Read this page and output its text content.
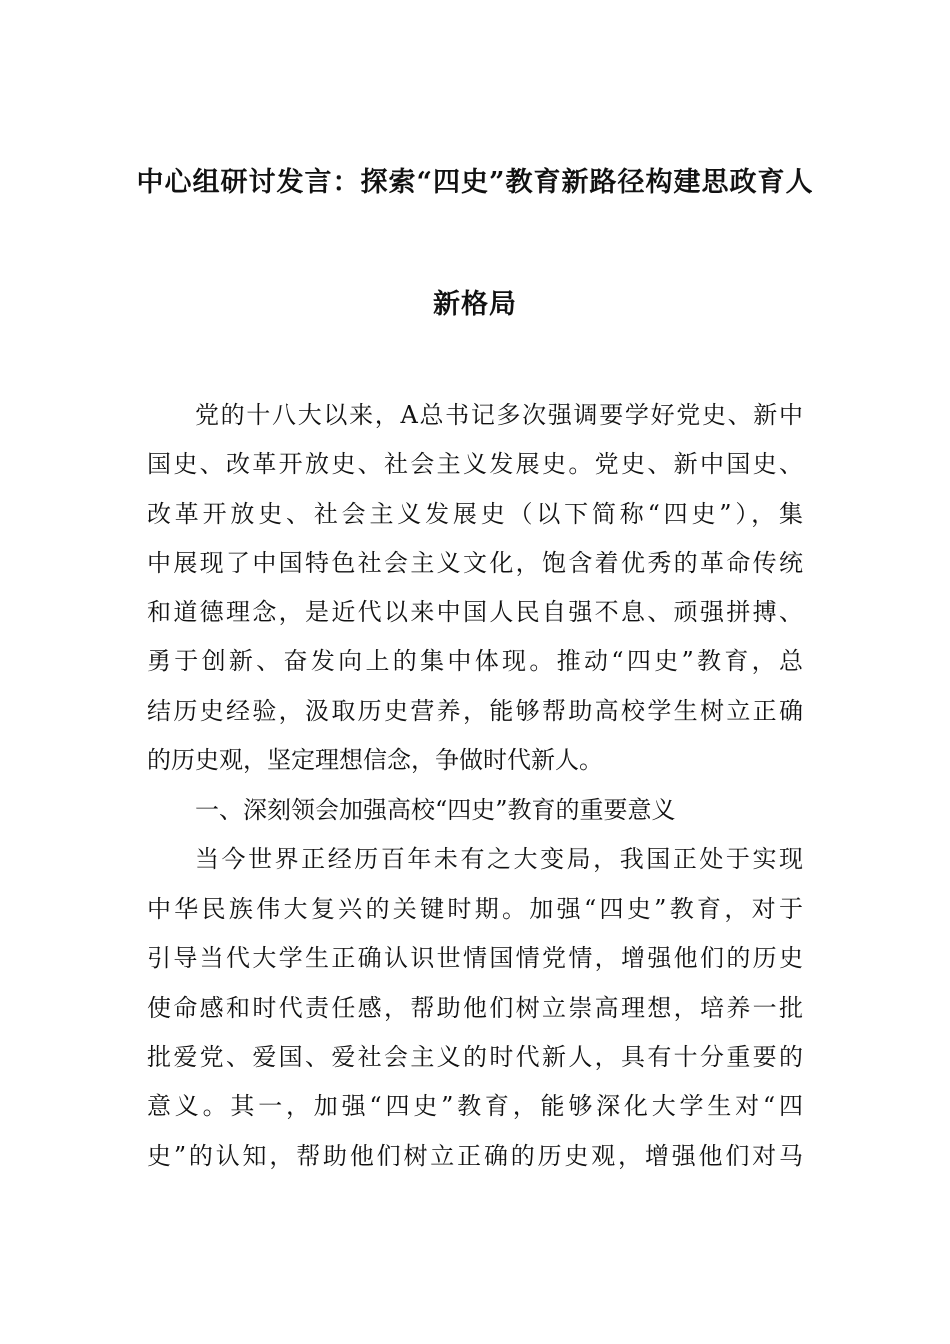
中心组研讨发言：探索“四史”教育新路径构建思政育人
新格局
党的十八大以来，A总书记多次强调要学好党史、新中
国史、改革开放史、社会主义发展史。党史、新中国史、
改革开放史、社会主义发展史（以下简称“四史”），集
中展现了中国特色社会主义文化，饱含着优秀的革命传统
和道德理念，是近代以来中国人民自强不息、顽强拼搏、
勇于创新、奋发向上的集中体现。推动“四史”教育，总
结历史经验，汲取历史营养，能够帮助高校学生树立正确
的历史观，坚定理想信念，争做时代新人。
一、深刻领会加强高校“四史”教育的重要意义
当今世界正经历百年未有之大变局，我国正处于实现
中华民族伟大复兴的关键时期。加强“四史”教育，对于
引导当代大学生正确认识世情国情党情，增强他们的历史
使命感和时代责任感，帮助他们树立崇高理想，培养一批
批爱党、爱国、爱社会主义的时代新人，具有十分重要的
意义。其一，加强“四史”教育，能够深化大学生对“四
史”的认知，帮助他们树立正确的历史观，增强他们对马
